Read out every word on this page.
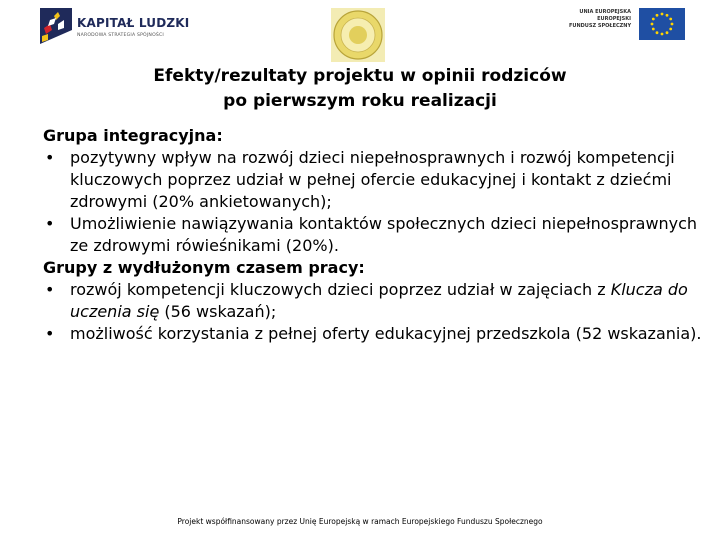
KAPITAŁ LUDZKI
NARODOWA STRATEGIA SPÓJNOŚCI
UNIA EUROPEJSKA
EUROPEJSKI
FUNDUSZ SPOŁECZNY
Efekty/rezultaty projektu w opinii rodziców
po pierwszym roku realizacji

Grupa integracyjna:

• pozytywny wpływ na rozwój dzieci niepełnosprawnych i rozwój kompetencji kluczowych poprzez udział w pełnej ofercie edukacyjnej i kontakt z dziećmi zdrowymi (20% ankietowanych);
• Umożliwienie nawiązywania kontaktów społecznych dzieci niepełnosprawnych ze zdrowymi rówieśnikami (20%).

Grupy z wydłużonym czasem pracy:

• rozwój kompetencji kluczowych dzieci poprzez udział w zajęciach z Klucza do uczenia się (56 wskazań);
• możliwość korzystania z pełnej oferty edukacyjnej przedszkola (52 wskazania).
Projekt współfinansowany przez Unię Europejską w ramach Europejskiego Funduszu Społecznego
